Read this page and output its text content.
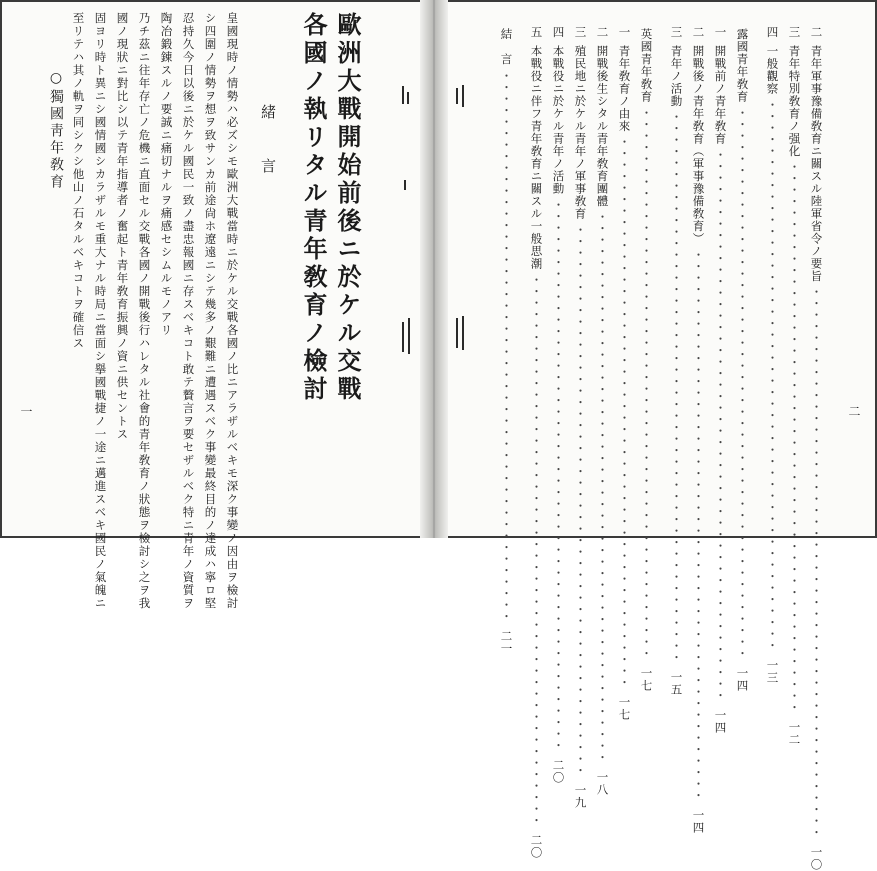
歐洲大戰開始前後ニ於ケル交戰
各國ノ執リタル青年敎育ノ檢討
緒　言
皇國現時ノ情勢ハ必ズシモ歐洲大戰當時ニ於ケル交戰各國ノ比ニアラザルベキモ深ク事變ノ因由ヲ檢討
シ四圍ノ情勢ヲ想ヲ致サンカ前途尙ホ遼遠ニシテ幾多ノ艱難ニ遭遇スベク事變最終目的ノ達成ハ寧ロ堅
忍持久今日以後ニ於ケル國民一致ノ盡忠報國ニ存スベキコト敢テ贅言ヲ要セザルベク特ニ青年ノ資質ヲ
陶冶鍛錬スルノ要誠ニ痛切ナルヲ痛感セシムルモノアリ
乃チ茲ニ往年存亡ノ危機ニ直面セル交戰各國ノ開戰後行ハレタル社會的青年敎育ノ狀態ヲ檢討シ之ヲ我
國ノ現狀ニ對比シ以テ青年指導者ノ奮起ト青年敎育振興ノ資ニ供セントス
固ヨリ時ト異ニシ國情國シカラザルモ重大ナル時局ニ當面シ擧國戰捷ノ一途ニ邁進スベキ國民ノ氣魄ニ
至リテハ其ノ軌ヲ同シクシ他山ノ石タルベキコトヲ確信ス
○獨國靑年敎育
一
二
青年軍事豫備敎育ニ關スル陸軍省令ノ要旨
・・・・・・・・・・・・・・・・・・・・・・・・・・・・・・・・・・・・・・・・・・・・・・・・
一〇
三
青年特別敎育ノ强化
・・・・・・・・・・・・・・・・・・・・・・・・・・・・・・・・・・・・・・・・・・・・・・・・
一二
四
一般觀察
・・・・・・・・・・・・・・・・・・・・・・・・・・・・・・・・・・・・・・・・・・・・・・・・
一三
露國青年敎育
・・・・・・・・・・・・・・・・・・・・・・・・・・・・・・・・・・・・・・・・・・・・・・・・
一四
一
開戰前ノ青年敎育
・・・・・・・・・・・・・・・・・・・・・・・・・・・・・・・・・・・・・・・・・・・・・・・・
一四
二
開戰後ノ青年敎育（軍事豫備敎育）
・・・・・・・・・・・・・・・・・・・・・・・・・・・・・・・・・・・・・・・・・・・・・・・・
一四
三
青年ノ活動
・・・・・・・・・・・・・・・・・・・・・・・・・・・・・・・・・・・・・・・・・・・・・・・・
一五
英國青年敎育
・・・・・・・・・・・・・・・・・・・・・・・・・・・・・・・・・・・・・・・・・・・・・・・・
一七
一
青年敎育ノ由來
・・・・・・・・・・・・・・・・・・・・・・・・・・・・・・・・・・・・・・・・・・・・・・・・
一七
二
開戰後生シタル青年敎育團體
・・・・・・・・・・・・・・・・・・・・・・・・・・・・・・・・・・・・・・・・・・・・・・・・
一八
三
殖民地ニ於ケル青年ノ軍事敎育
・・・・・・・・・・・・・・・・・・・・・・・・・・・・・・・・・・・・・・・・・・・・・・・・
一九
四
本戰役ニ於ケル青年ノ活動
・・・・・・・・・・・・・・・・・・・・・・・・・・・・・・・・・・・・・・・・・・・・・・・・
二〇
五
本戰役ニ伴フ青年敎育ニ關スル一般思潮
・・・・・・・・・・・・・・・・・・・・・・・・・・・・・・・・・・・・・・・・・・・・・・・・
二〇
結　言
・・・・・・・・・・・・・・・・・・・・・・・・・・・・・・・・・・・・・・・・・・・・・・・・
二一
二
